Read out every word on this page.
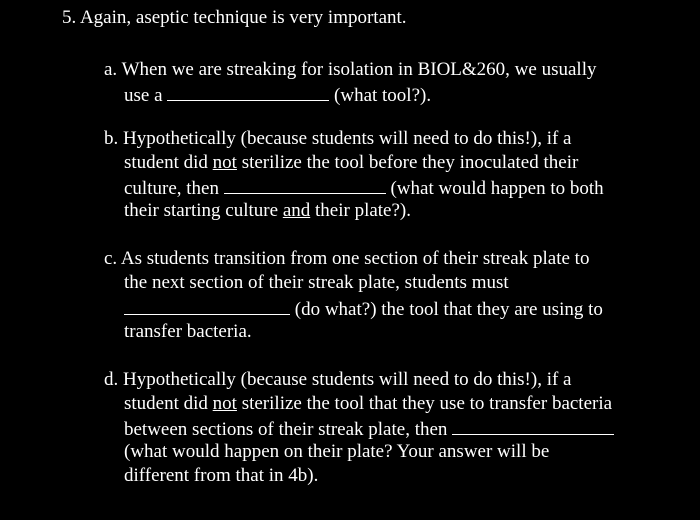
5. Again, aseptic technique is very important.
a. When we are streaking for isolation in BIOL&260, we usually
use a	(what tool?).
b. Hypothetically (because students will need to do this!), if a
student did not sterilize the tool before they inoculated their
culture, then	(what would happen to both
their starting culture and their plate?).
c. As students transition from one section of their streak plate to
the next section of their streak plate, students must
(do what?) the tool that they are using to
transfer bacteria.
d. Hypothetically (because students will need to do this!), if a
student did not sterilize the tool that they use to transfer bacteria
between sections of their streak plate, then
(what would happen on their plate? Your answer will be
different from that in 4b).
